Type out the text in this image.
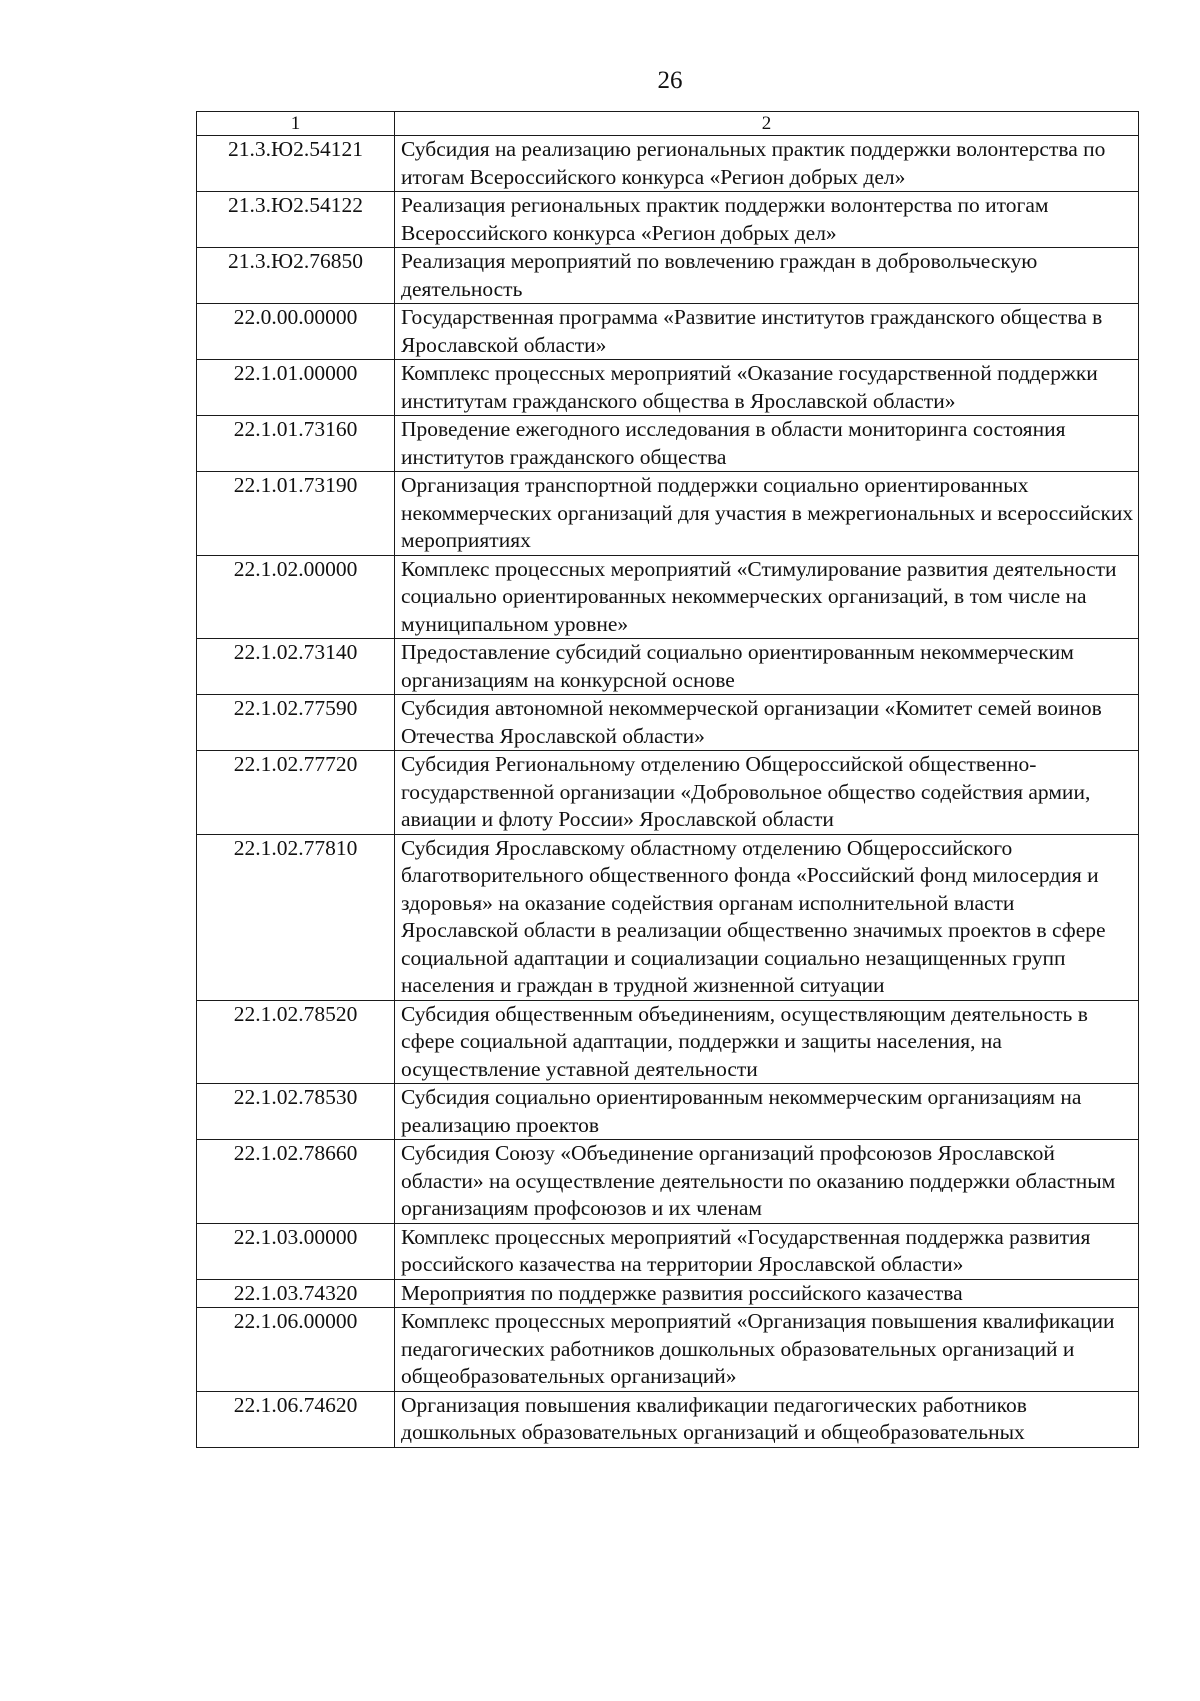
26
1	2
21.3.Ю2.54121	Субсидия на реализацию региональных практик поддержки волонтерства по итогам Всероссийского конкурса «Регион добрых дел»
21.3.Ю2.54122	Реализация региональных практик поддержки волонтерства по итогам Всероссийского конкурса «Регион добрых дел»
21.3.Ю2.76850	Реализация мероприятий по вовлечению граждан в добровольческую деятельность
22.0.00.00000	Государственная программа «Развитие институтов гражданского общества в Ярославской области»
22.1.01.00000	Комплекс процессных мероприятий «Оказание государственной поддержки институтам гражданского общества в Ярославской области»
22.1.01.73160	Проведение ежегодного исследования в области мониторинга состояния институтов гражданского общества
22.1.01.73190	Организация транспортной поддержки социально ориентированных некоммерческих организаций для участия в межрегиональных и всероссийских мероприятиях
22.1.02.00000	Комплекс процессных мероприятий «Стимулирование развития деятельности социально ориентированных некоммерческих организаций, в том числе на муниципальном уровне»
22.1.02.73140	Предоставление субсидий социально ориентированным некоммерческим организациям на конкурсной основе
22.1.02.77590	Субсидия автономной некоммерческой организации «Комитет семей воинов Отечества Ярославской области»
22.1.02.77720	Субсидия Региональному отделению Общероссийской общественно-государственной организации «Добровольное общество содействия армии, авиации и флоту России» Ярославской области
22.1.02.77810	Субсидия Ярославскому областному отделению Общероссийского благотворительного общественного фонда «Российский фонд милосердия и здоровья» на оказание содействия органам исполнительной власти Ярославской области в реализации общественно значимых проектов в сфере социальной адаптации и социализации социально незащищенных групп населения и граждан в трудной жизненной ситуации
22.1.02.78520	Субсидия общественным объединениям, осуществляющим деятельность в сфере социальной адаптации, поддержки и защиты населения, на осуществление уставной деятельности
22.1.02.78530	Субсидия социально ориентированным некоммерческим организациям на реализацию проектов
22.1.02.78660	Субсидия Союзу «Объединение организаций профсоюзов Ярославской области» на осуществление деятельности по оказанию поддержки областным организациям профсоюзов и их членам
22.1.03.00000	Комплекс процессных мероприятий «Государственная поддержка развития российского казачества на территории Ярославской области»
22.1.03.74320	Мероприятия по поддержке развития российского казачества
22.1.06.00000	Комплекс процессных мероприятий «Организация повышения квалификации педагогических работников дошкольных образовательных организаций и общеобразовательных организаций»
22.1.06.74620	Организация повышения квалификации педагогических работников дошкольных образовательных организаций и общеобразовательных
